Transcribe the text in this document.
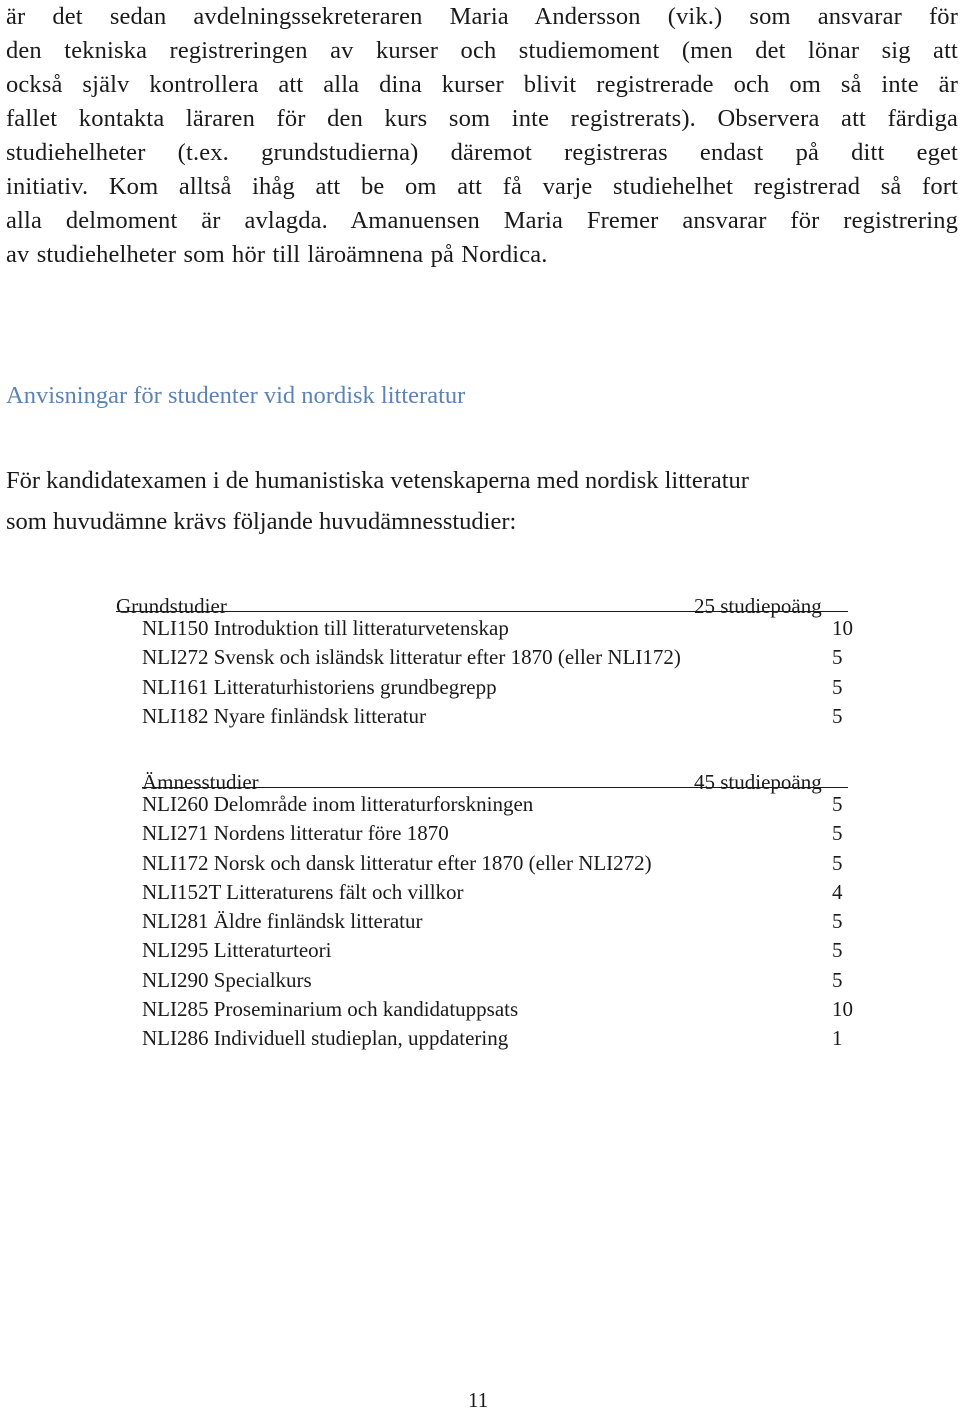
är det sedan avdelningssekreteraren Maria Andersson (vik.) som ansvarar för
den tekniska registreringen av kurser och studiemoment (men det lönar sig att
också själv kontrollera att alla dina kurser blivit registrerade och om så inte är
fallet kontakta läraren för den kurs som inte registrerats). Observera att färdiga
studiehelheter (t.ex. grundstudierna) däremot registreras endast på ditt eget
initiativ. Kom alltså ihåg att be om att få varje studiehelhet registrerad så fort
alla delmoment är avlagda. Amanuensen Maria Fremer ansvarar för registrering
av studiehelheter som hör till läroämnena på Nordica.
Anvisningar för studenter vid nordisk litteratur
För kandidatexamen i de humanistiska vetenskaperna med nordisk litteratur
som huvudämne krävs följande huvudämnesstudier:
Grundstudier	25 studiepoäng
NLI150 Introduktion till litteraturvetenskap	10
NLI272 Svensk och isländsk litteratur efter 1870 (eller NLI172)	5
NLI161 Litteraturhistoriens grundbegrepp	5
NLI182 Nyare finländsk litteratur	5
Ämnesstudier	45 studiepoäng
NLI260 Delområde inom litteraturforskningen	5
NLI271 Nordens litteratur före 1870	5
NLI172 Norsk och dansk litteratur efter 1870 (eller NLI272)	5
NLI152T Litteraturens fält och villkor	4
NLI281 Äldre finländsk litteratur	5
NLI295 Litteraturteori	5
NLI290 Specialkurs	5
NLI285 Proseminarium och kandidatuppsats	10
NLI286 Individuell studieplan, uppdatering	1
11
